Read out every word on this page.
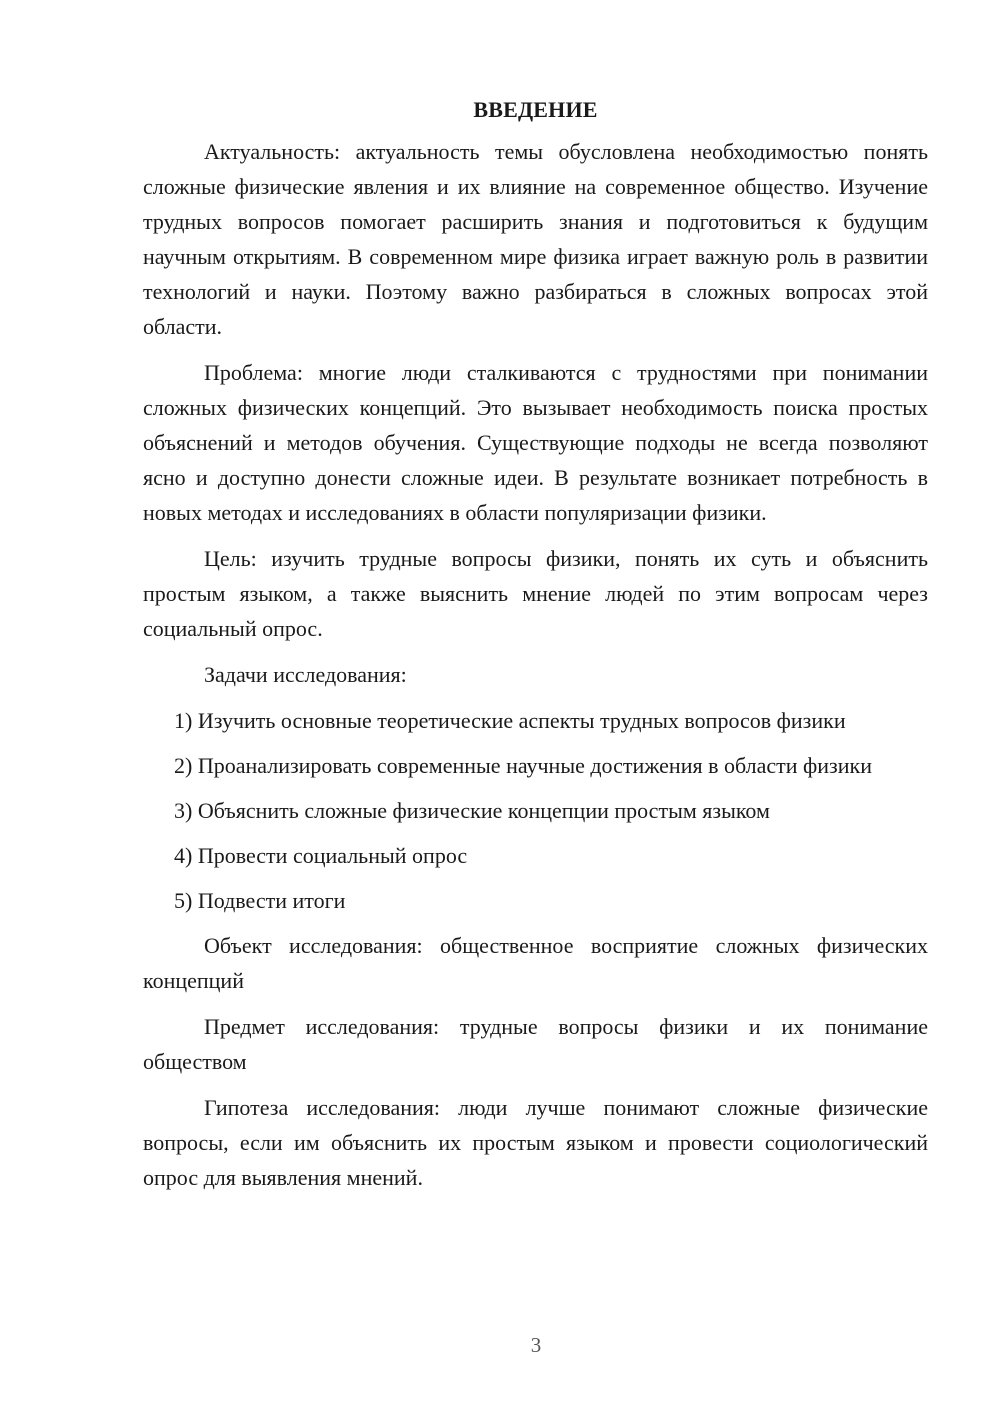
ВВЕДЕНИЕ

Актуальность: актуальность темы обусловлена необходимостью понять сложные физические явления и их влияние на современное общество. Изучение трудных вопросов помогает расширить знания и подготовиться к будущим научным открытиям. В современном мире физика играет важную роль в развитии технологий и науки. Поэтому важно разбираться в сложных вопросах этой области.

Проблема: многие люди сталкиваются с трудностями при понимании сложных физических концепций. Это вызывает необходимость поиска простых объяснений и методов обучения. Существующие подходы не всегда позволяют ясно и доступно донести сложные идеи. В результате возникает потребность в новых методах и исследованиях в области популяризации физики.

Цель: изучить трудные вопросы физики, понять их суть и объяснить простым языком, а также выяснить мнение людей по этим вопросам через социальный опрос.

Задачи исследования:

1) Изучить основные теоретические аспекты трудных вопросов физики
2) Проанализировать современные научные достижения в области физики
3) Объяснить сложные физические концепции простым языком
4) Провести социальный опрос
5) Подвести итоги

Объект исследования: общественное восприятие сложных физических концепций

Предмет исследования: трудные вопросы физики и их понимание обществом

Гипотеза исследования: люди лучше понимают сложные физические вопросы, если им объяснить их простым языком и провести социологический опрос для выявления мнений.

3
